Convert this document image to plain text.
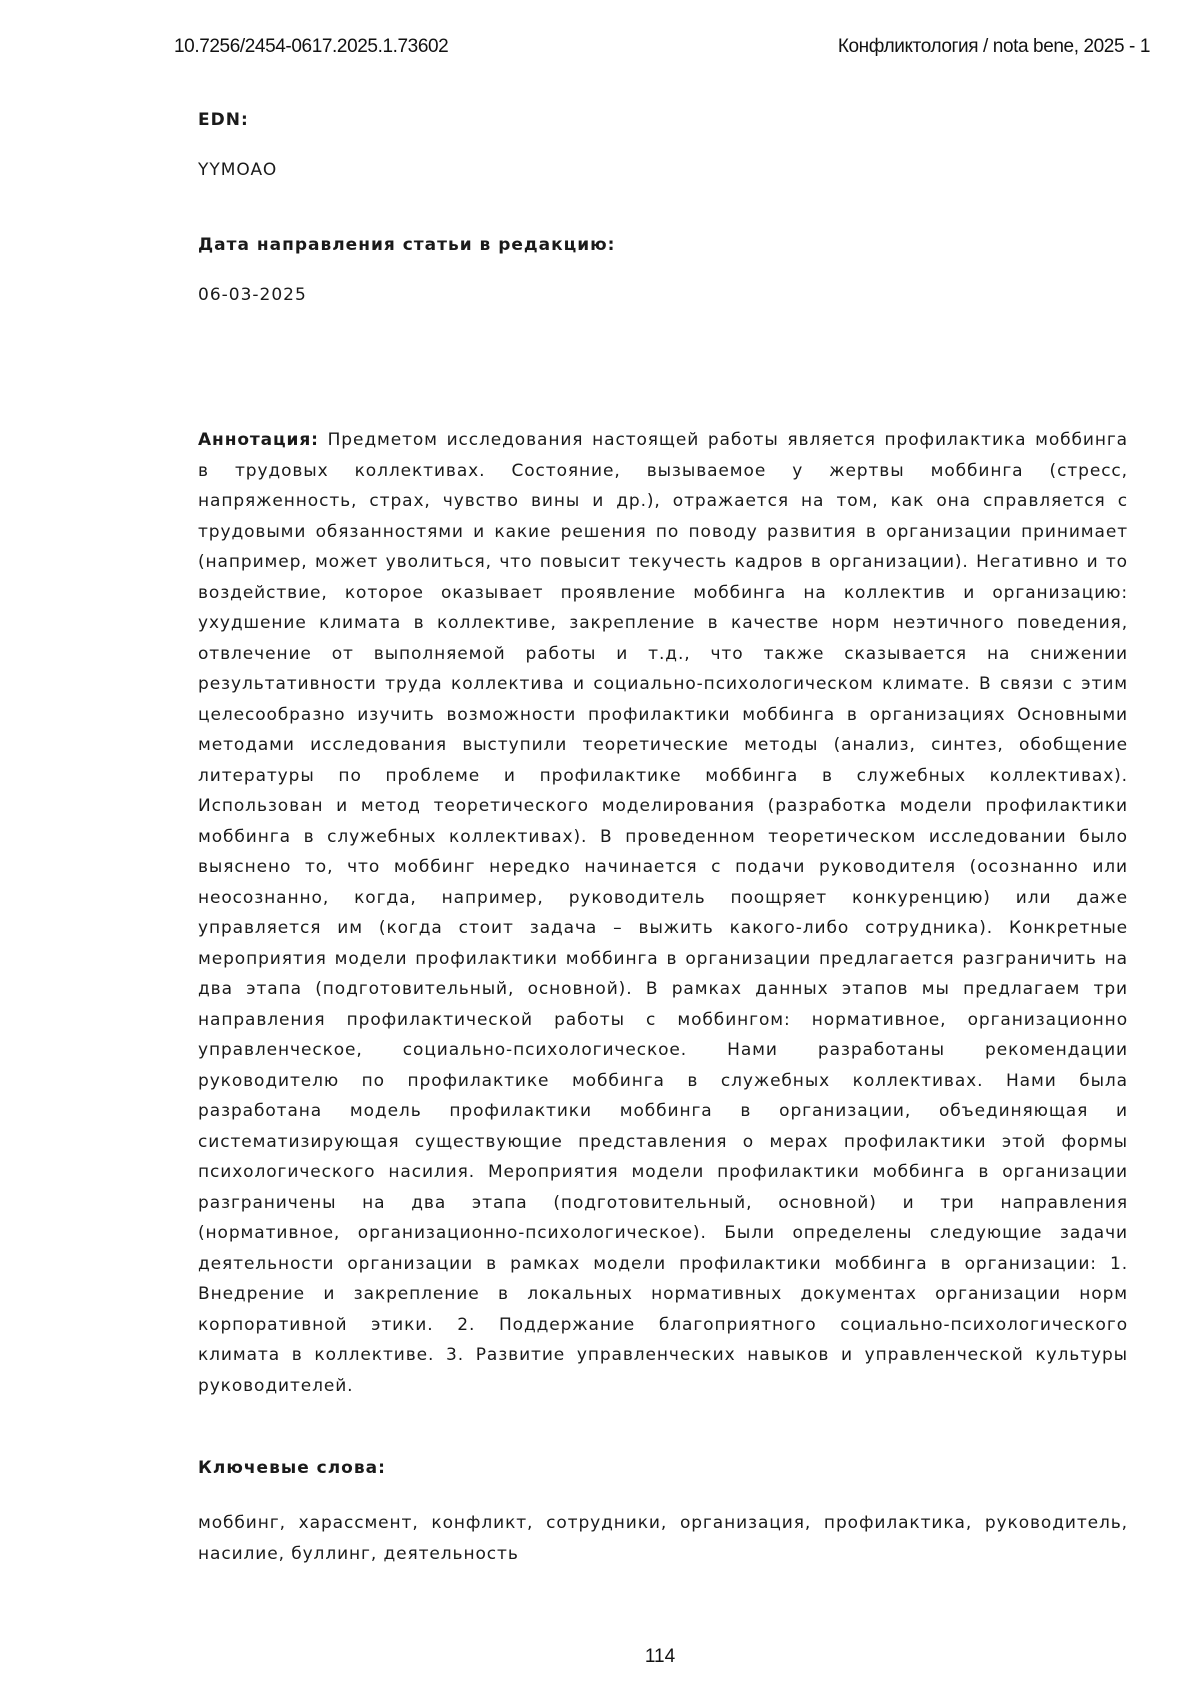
10.7256/2454-0617.2025.1.73602	Конфликтология / nota bene, 2025 - 1
EDN:
YYMOAO
Дата направления статьи в редакцию:
06-03-2025
Аннотация: Предметом исследования настоящей работы является профилактика моббинга в трудовых коллективах. Состояние, вызываемое у жертвы моббинга (стресс, напряженность, страх, чувство вины и др.), отражается на том, как она справляется с трудовыми обязанностями и какие решения по поводу развития в организации принимает (например, может уволиться, что повысит текучесть кадров в организации). Негативно и то воздействие, которое оказывает проявление моббинга на коллектив и организацию: ухудшение климата в коллективе, закрепление в качестве норм неэтичного поведения, отвлечение от выполняемой работы и т.д., что также сказывается на снижении результативности труда коллектива и социально-психологическом климате. В связи с этим целесообразно изучить возможности профилактики моббинга в организациях Основными методами исследования выступили теоретические методы (анализ, синтез, обобщение литературы по проблеме и профилактике моббинга в служебных коллективах). Использован и метод теоретического моделирования (разработка модели профилактики моббинга в служебных коллективах). В проведенном теоретическом исследовании было выяснено то, что моббинг нередко начинается с подачи руководителя (осознанно или неосознанно, когда, например, руководитель поощряет конкуренцию) или даже управляется им (когда стоит задача – выжить какого-либо сотрудника). Конкретные мероприятия модели профилактики моббинга в организации предлагается разграничить на два этапа (подготовительный, основной). В рамках данных этапов мы предлагаем три направления профилактической работы с моббингом: нормативное, организационно управленческое, социально-психологическое. Нами разработаны рекомендации руководителю по профилактике моббинга в служебных коллективах. Нами была разработана модель профилактики моббинга в организации, объединяющая и систематизирующая существующие представления о мерах профилактики этой формы психологического насилия. Мероприятия модели профилактики моббинга в организации разграничены на два этапа (подготовительный, основной) и три направления (нормативное, организационно-психологическое). Были определены следующие задачи деятельности организации в рамках модели профилактики моббинга в организации: 1. Внедрение и закрепление в локальных нормативных документах организации норм корпоративной этики. 2. Поддержание благоприятного социально-психологического климата в коллективе. 3. Развитие управленческих навыков и управленческой культуры руководителей.
Ключевые слова:
моббинг, харассмент, конфликт, сотрудники, организация, профилактика, руководитель, насилие, буллинг, деятельность
114
